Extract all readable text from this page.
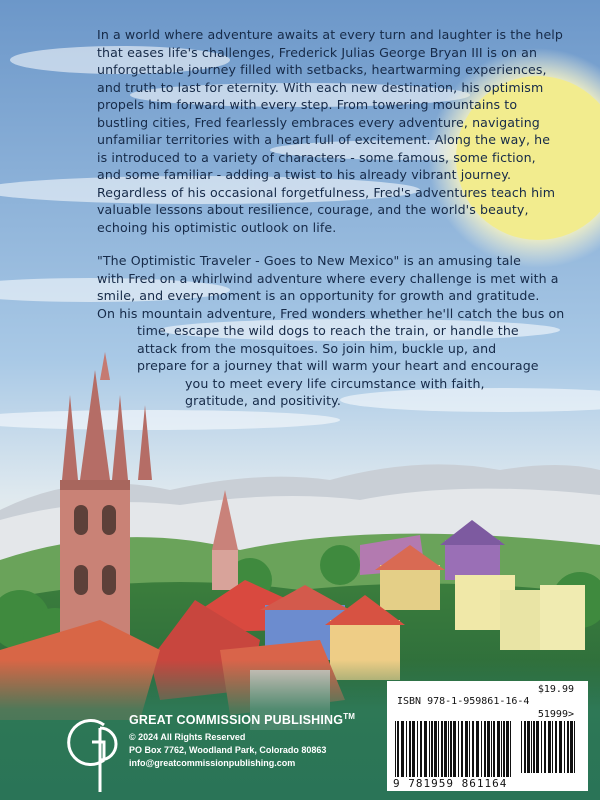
In a world where adventure awaits at every turn and laughter is the help
that eases life's challenges, Frederick Julias George Bryan III is on an
unforgettable journey filled with setbacks, heartwarming experiences,
and truth to last for eternity. With each new destination, his optimism
propels him forward with every step. From towering mountains to
bustling cities, Fred fearlessly embraces every adventure, navigating
unfamiliar territories with a heart full of excitement. Along the way, he
is introduced to a variety of characters - some famous, some fiction,
and some familiar - adding a twist to his already vibrant journey.
Regardless of his occasional forgetfulness, Fred's adventures teach him
valuable lessons about resilience, courage, and the world's beauty,
echoing his optimistic outlook on life.
"The Optimistic Traveler - Goes to New Mexico" is an amusing tale
with Fred on a whirlwind adventure where every challenge is met with a
smile, and every moment is an opportunity for growth and gratitude.
On his mountain adventure, Fred wonders whether he'll catch the bus on
time, escape the wild dogs to reach the train, or handle the
attack from the mosquitoes. So join him, buckle up, and
prepare for a journey that will warm your heart and encourage
you to meet every life circumstance with faith,
gratitude, and positivity.
GREAT COMMISSION PUBLISHING™
© 2024 All Rights Reserved
PO Box 7762, Woodland Park, Colorado 80863
info@greatcommissionpublishing.com
$19.99
ISBN 978-1-959861-16-4
51999>
9 781959 861164
